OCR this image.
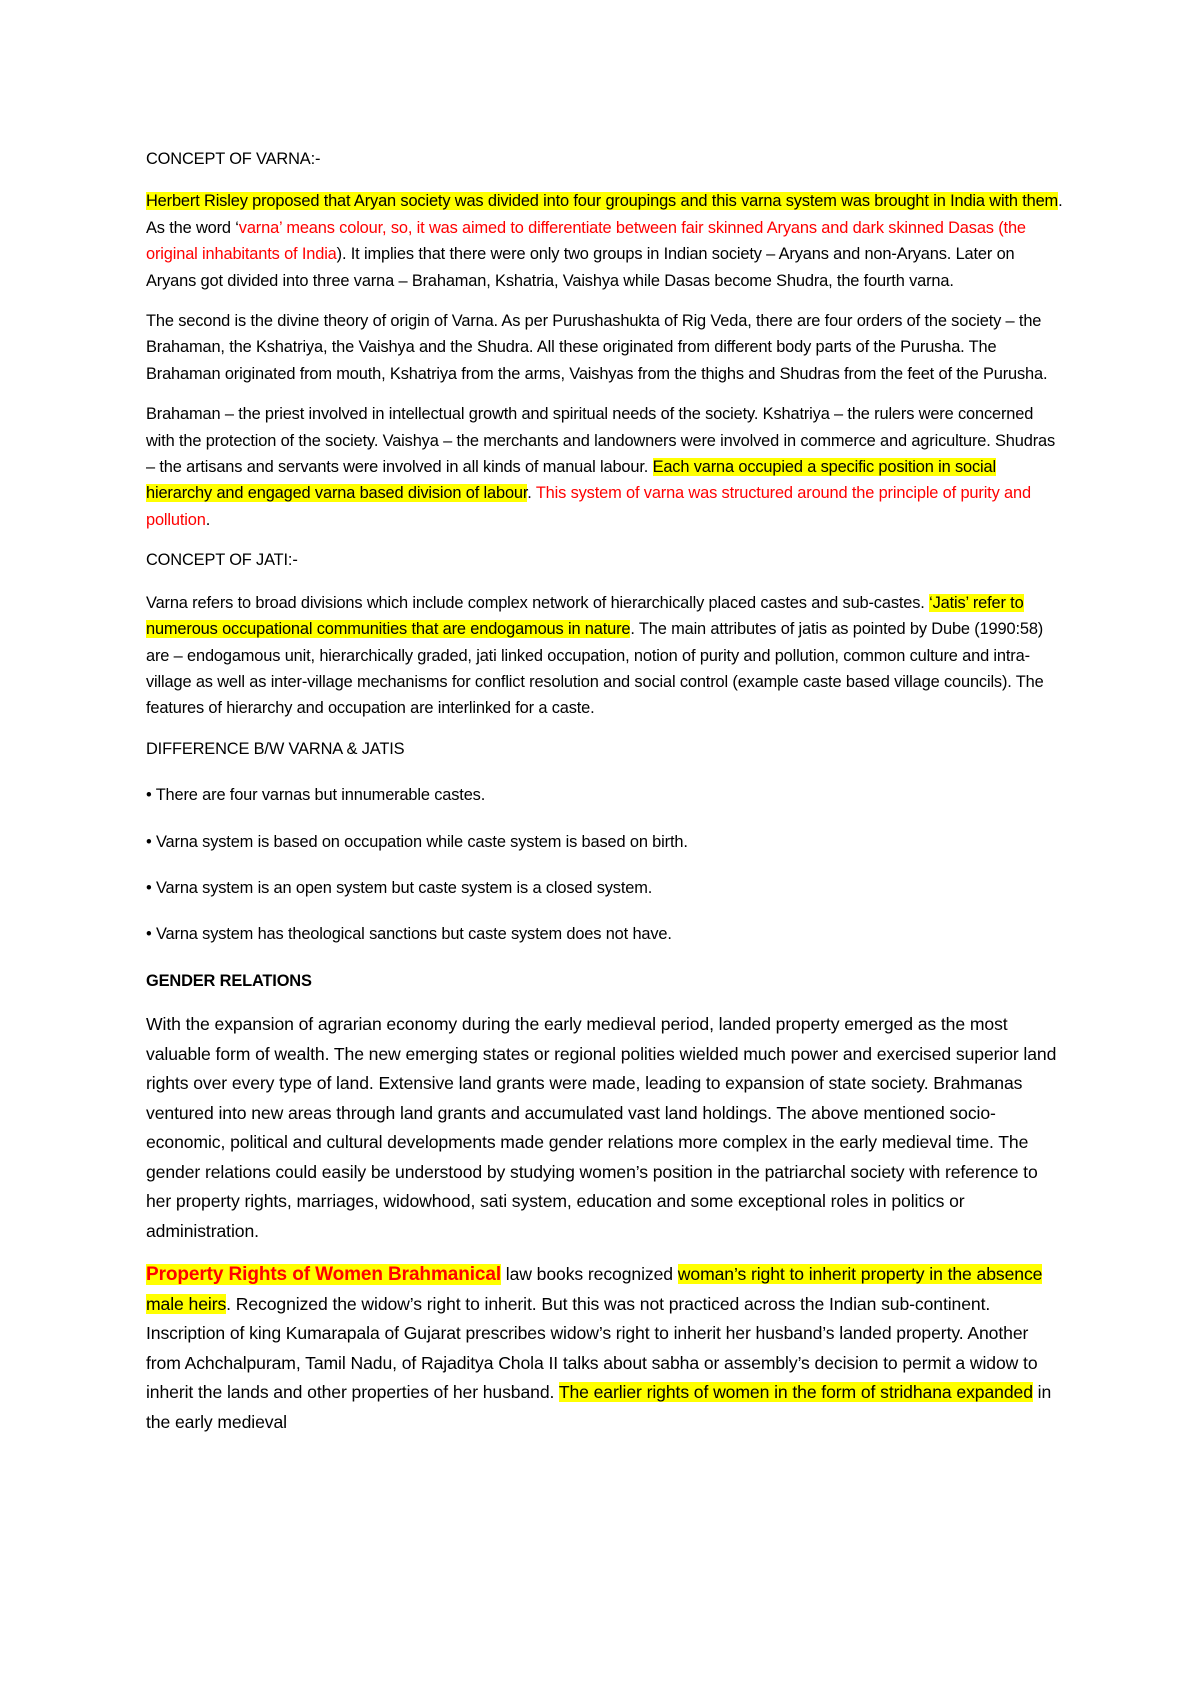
CONCEPT OF VARNA:-

Herbert Risley proposed that Aryan society was divided into four groupings and this varna system was brought in India with them. As the word ‘varna’ means colour, so, it was aimed to differentiate between fair skinned Aryans and dark skinned Dasas (the original inhabitants of India). It implies that there were only two groups in Indian society – Aryans and non-Aryans. Later on Aryans got divided into three varna – Brahaman, Kshatria, Vaishya while Dasas become Shudra, the fourth varna.

The second is the divine theory of origin of Varna. As per Purushashukta of Rig Veda, there are four orders of the society – the Brahaman, the Kshatriya, the Vaishya and the Shudra. All these originated from different body parts of the Purusha. The Brahaman originated from mouth, Kshatriya from the arms, Vaishyas from the thighs and Shudras from the feet of the Purusha.

Brahaman – the priest involved in intellectual growth and spiritual needs of the society. Kshatriya – the rulers were concerned with the protection of the society. Vaishya – the merchants and landowners were involved in commerce and agriculture. Shudras – the artisans and servants were involved in all kinds of manual labour. Each varna occupied a specific position in social hierarchy and engaged varna based division of labour. This system of varna was structured around the principle of purity and pollution.

CONCEPT OF JATI:-

Varna refers to broad divisions which include complex network of hierarchically placed castes and sub-castes. ‘Jatis’ refer to numerous occupational communities that are endogamous in nature. The main attributes of jatis as pointed by Dube (1990:58) are – endogamous unit, hierarchically graded, jati linked occupation, notion of purity and pollution, common culture and intra-village as well as inter-village mechanisms for conflict resolution and social control (example caste based village councils). The features of hierarchy and occupation are interlinked for a caste.

DIFFERENCE B/W VARNA & JATIS

• There are four varnas but innumerable castes.

• Varna system is based on occupation while caste system is based on birth.

• Varna system is an open system but caste system is a closed system.

• Varna system has theological sanctions but caste system does not have.

GENDER RELATIONS

With the expansion of agrarian economy during the early medieval period, landed property emerged as the most valuable form of wealth. The new emerging states or regional polities wielded much power and exercised superior land rights over every type of land. Extensive land grants were made, leading to expansion of state society. Brahmanas ventured into new areas through land grants and accumulated vast land holdings. The above mentioned socio-economic, political and cultural developments made gender relations more complex in the early medieval time. The gender relations could easily be understood by studying women’s position in the patriarchal society with reference to her property rights, marriages, widowhood, sati system, education and some exceptional roles in politics or administration.

Property Rights of Women Brahmanical law books recognized woman’s right to inherit property in the absence male heirs. Recognized the widow’s right to inherit. But this was not practiced across the Indian sub-continent. Inscription of king Kumarapala of Gujarat prescribes widow’s right to inherit her husband’s landed property. Another from Achchalpuram, Tamil Nadu, of Rajaditya Chola II talks about sabha or assembly’s decision to permit a widow to inherit the lands and other properties of her husband. The earlier rights of women in the form of stridhana expanded in the early medieval
